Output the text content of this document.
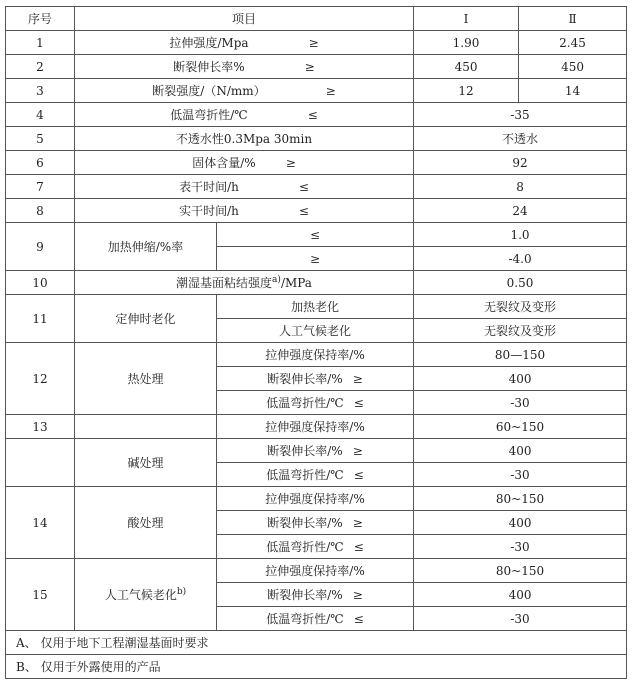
序号	项目		Ⅰ	Ⅱ
1	拉伸强度/Mpa ≥		1.90	2.45
2	断裂伸长率% ≥		450	450
3	断裂强度/（N/mm） ≥		12	14
4	低温弯折性/℃ ≤		-35	
5	不透水性0.3Mpa 30min		不透水	
6	固体含量/% ≥		92	
7	表干时间/h ≤		8	
8	实干时间/h ≤		24	
9	加热伸缩/%率	≤	1.0	
		≥	-4.0	
10	潮湿基面粘结强度$^{a)}$/MPa		0.50	
11	定伸时老化	加热老化	无裂纹及变形	
		人工气候老化	无裂纹及变形	
12	热处理	拉伸强度保持率/%	80—150	
		断裂伸长率/% ≥	400	
		低温弯折性/℃ ≤	-30	
13		拉伸强度保持率/%	60~150	
	碱处理	断裂伸长率/% ≥	400	
		低温弯折性/℃ ≤	-30	
14	酸处理	拉伸强度保持率/%	80~150	
		断裂伸长率/% ≥	400	
		低温弯折性/℃ ≤	-30	
15	人工气候老化$^{b)}$	拉伸强度保持率/%	80~150	
		断裂伸长率/% ≥	400	
		低温弯折性/℃ ≤	-30	
A、 仅用于地下工程潮湿基面时要求				
B、 仅用于外露使用的产品				
